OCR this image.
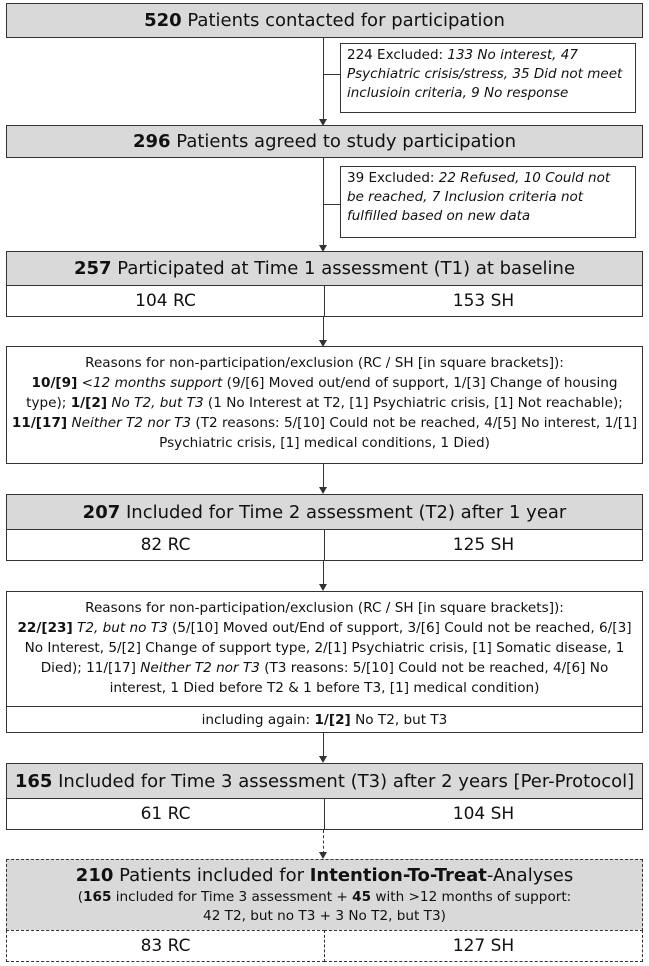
520 Patients contacted for participation
224 Excluded: 133 No interest, 47 Psychiatric crisis/stress, 35 Did not meet inclusioin criteria, 9 No response
296 Patients agreed to study participation
39 Excluded: 22 Refused, 10 Could not be reached, 7 Inclusion criteria not fulfilled based on new data
257 Participated at Time 1 assessment (T1) at baseline
104 RC	153 SH
Reasons for non-participation/exclusion (RC / SH [in square brackets]):
10/[9] <12 months support (9/[6] Moved out/end of support, 1/[3] Change of housing type); 1/[2] No T2, but T3 (1 No Interest at T2, [1] Psychiatric crisis, [1] Not reachable); 11/[17] Neither T2 nor T3 (T2 reasons: 5/[10] Could not be reached, 4/[5] No interest, 1/[1] Psychiatric crisis, [1] medical conditions, 1 Died)
207 Included for Time 2 assessment (T2) after 1 year
82 RC	125 SH
Reasons for non-participation/exclusion (RC / SH [in square brackets]):
22/[23] T2, but no T3 (5/[10] Moved out/End of support, 3/[6] Could not be reached, 6/[3] No Interest, 5/[2] Change of support type, 2/[1] Psychiatric crisis, [1] Somatic disease, 1 Died); 11/[17] Neither T2 nor T3 (T3 reasons: 5/[10] Could not be reached, 4/[6] No interest, 1 Died before T2 & 1 before T3, [1] medical condition)
including again: 1/[2] No T2, but T3
165 Included for Time 3 assessment (T3) after 2 years [Per-Protocol]
61 RC	104 SH
210 Patients included for Intention-To-Treat-Analyses
(165 included for Time 3 assessment + 45 with >12 months of support:
42 T2, but no T3 + 3 No T2, but T3)
83 RC	127 SH
